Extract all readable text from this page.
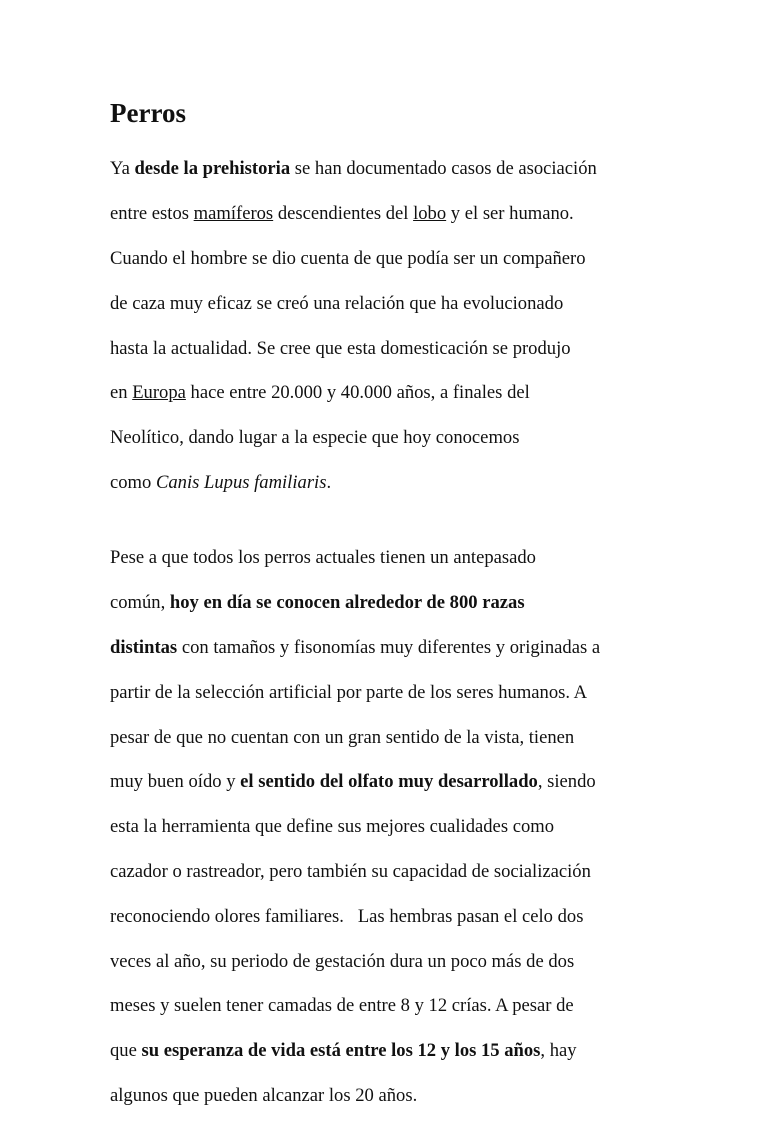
Perros

Ya desde la prehistoria se han documentado casos de asociación

entre estos mamíferos descendientes del lobo y el ser humano.

Cuando el hombre se dio cuenta de que podía ser un compañero

de caza muy eficaz se creó una relación que ha evolucionado

hasta la actualidad. Se cree que esta domesticación se produjo

en Europa hace entre 20.000 y 40.000 años, a finales del

Neolítico, dando lugar a la especie que hoy conocemos

como Canis Lupus familiaris.

Pese a que todos los perros actuales tienen un antepasado

común, hoy en día se conocen alrededor de 800 razas

distintas con tamaños y fisonomías muy diferentes y originadas a

partir de la selección artificial por parte de los seres humanos. A

pesar de que no cuentan con un gran sentido de la vista, tienen

muy buen oído y el sentido del olfato muy desarrollado, siendo

esta la herramienta que define sus mejores cualidades como

cazador o rastreador, pero también su capacidad de socialización

reconociendo olores familiares.   Las hembras pasan el celo dos

veces al año, su periodo de gestación dura un poco más de dos

meses y suelen tener camadas de entre 8 y 12 crías. A pesar de

que su esperanza de vida está entre los 12 y los 15 años, hay

algunos que pueden alcanzar los 20 años.
